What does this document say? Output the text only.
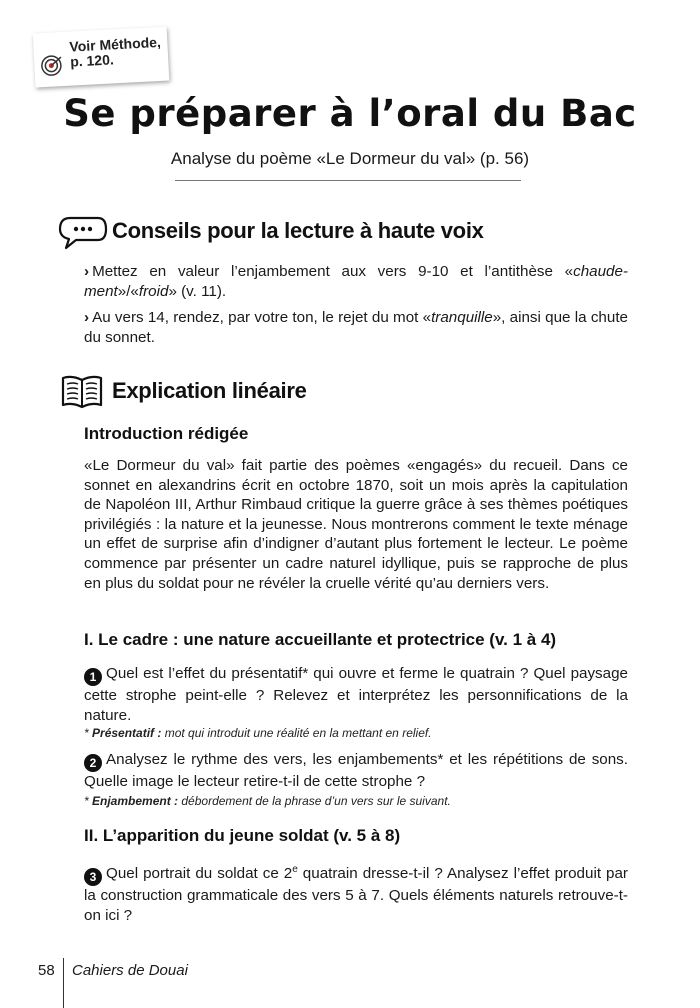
Voir Méthode,
p. 120.
Se préparer à l’oral du Bac
Analyse du poème «Le Dormeur du val» (p. 56)
Conseils pour la lecture à haute voix
› Mettez en valeur l’enjambement aux vers 9-10 et l’antithèse «chaude- ment»/«froid» (v. 11).
› Au vers 14, rendez, par votre ton, le rejet du mot «tranquille», ainsi que la chute du sonnet.
Explication linéaire
Introduction rédigée
«Le Dormeur du val» fait partie des poèmes «engagés» du recueil. Dans ce sonnet en alexandrins écrit en octobre 1870, soit un mois après la capitulation de Napoléon III, Arthur Rimbaud critique la guerre grâce à ses thèmes poétiques privilégiés : la nature et la jeunesse. Nous montrerons comment le texte ménage un effet de surprise afin d’indigner d’autant plus fortement le lecteur. Le poème commence par présenter un cadre naturel idyllique, puis se rapproche de plus en plus du soldat pour ne révéler la cruelle vérité qu’au derniers vers.
I. Le cadre : une nature accueillante et protectrice (v. 1 à 4)
1 Quel est l’effet du présentatif* qui ouvre et ferme le quatrain ? Quel paysage cette strophe peint-elle ? Relevez et interprétez les personnifications de la nature.
* Présentatif : mot qui introduit une réalité en la mettant en relief.
2 Analysez le rythme des vers, les enjambements* et les répétitions de sons. Quelle image le lecteur retire-t-il de cette strophe ?
* Enjambement : débordement de la phrase d’un vers sur le suivant.
II. L’apparition du jeune soldat (v. 5 à 8)
3 Quel portrait du soldat ce 2e quatrain dresse-t-il ? Analysez l’effet produit par la construction grammaticale des vers 5 à 7. Quels éléments naturels retrouve-t-on ici ?
58 Cahiers de Douai
